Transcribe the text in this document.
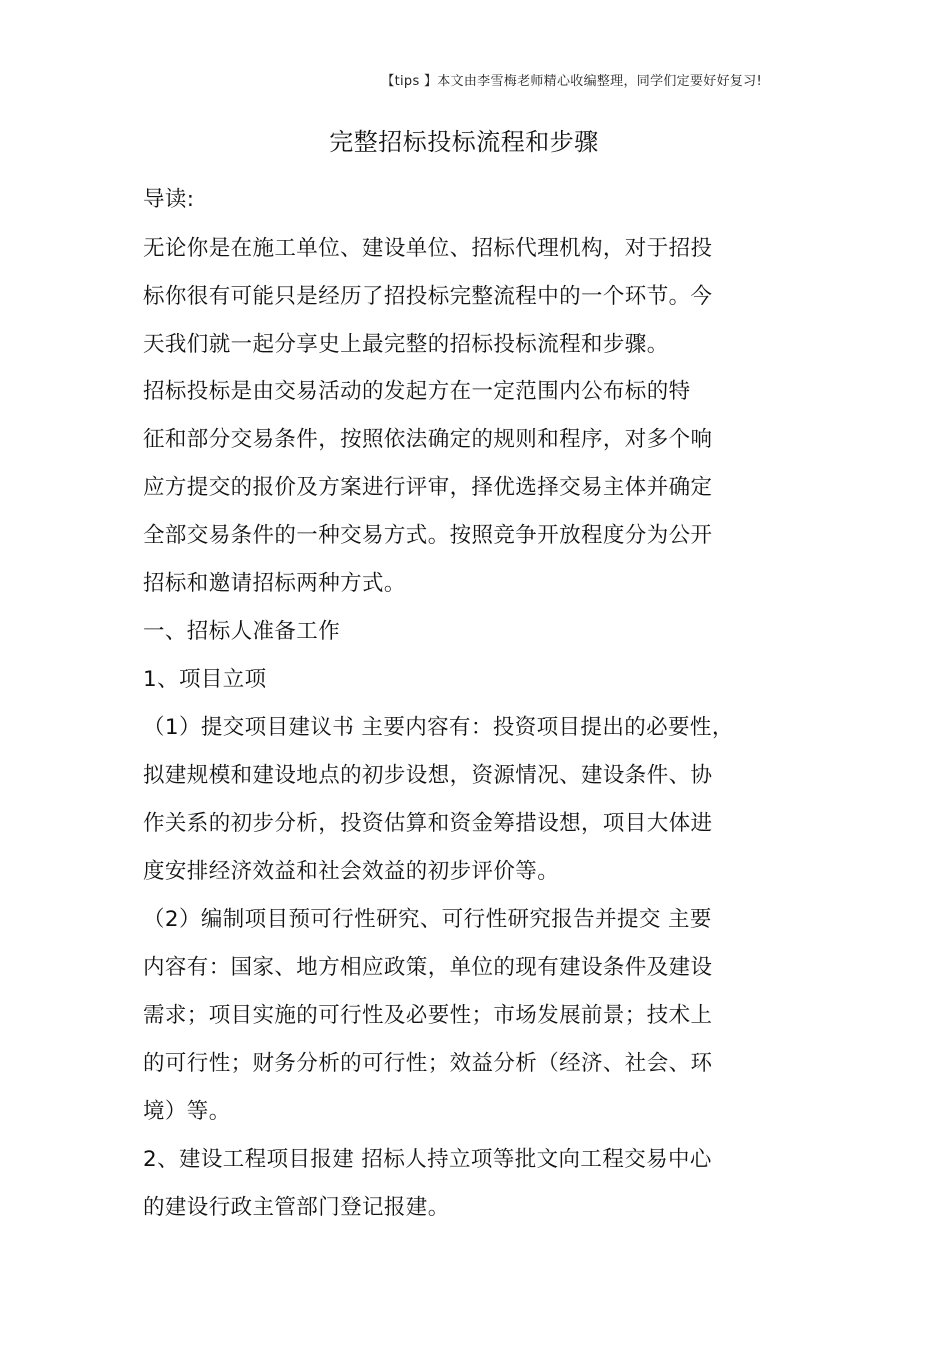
【tips 】本文由李雪梅老师精心收编整理，同学们定要好好复习!
完整招标投标流程和步骤
导读:
无论你是在施工单位、建设单位、招标代理机构，对于招投
标你很有可能只是经历了招投标完整流程中的一个环节。今
天我们就一起分享史上最完整的招标投标流程和步骤。
招标投标是由交易活动的发起方在一定范围内公布标的特
征和部分交易条件，按照依法确定的规则和程序，对多个响
应方提交的报价及方案进行评审，择优选择交易主体并确定
全部交易条件的一种交易方式。按照竞争开放程度分为公开
招标和邀请招标两种方式。
一、招标人准备工作
1、项目立项
（1）提交项目建议书 主要内容有：投资项目提出的必要性，
拟建规模和建设地点的初步设想，资源情况、建设条件、协
作关系的初步分析，投资估算和资金筹措设想，项目大体进
度安排经济效益和社会效益的初步评价等。
（2）编制项目预可行性研究、可行性研究报告并提交 主要
内容有：国家、地方相应政策，单位的现有建设条件及建设
需求；项目实施的可行性及必要性；市场发展前景；技术上
的可行性；财务分析的可行性；效益分析（经济、社会、环
境）等。
2、建设工程项目报建 招标人持立项等批文向工程交易中心
的建设行政主管部门登记报建。
